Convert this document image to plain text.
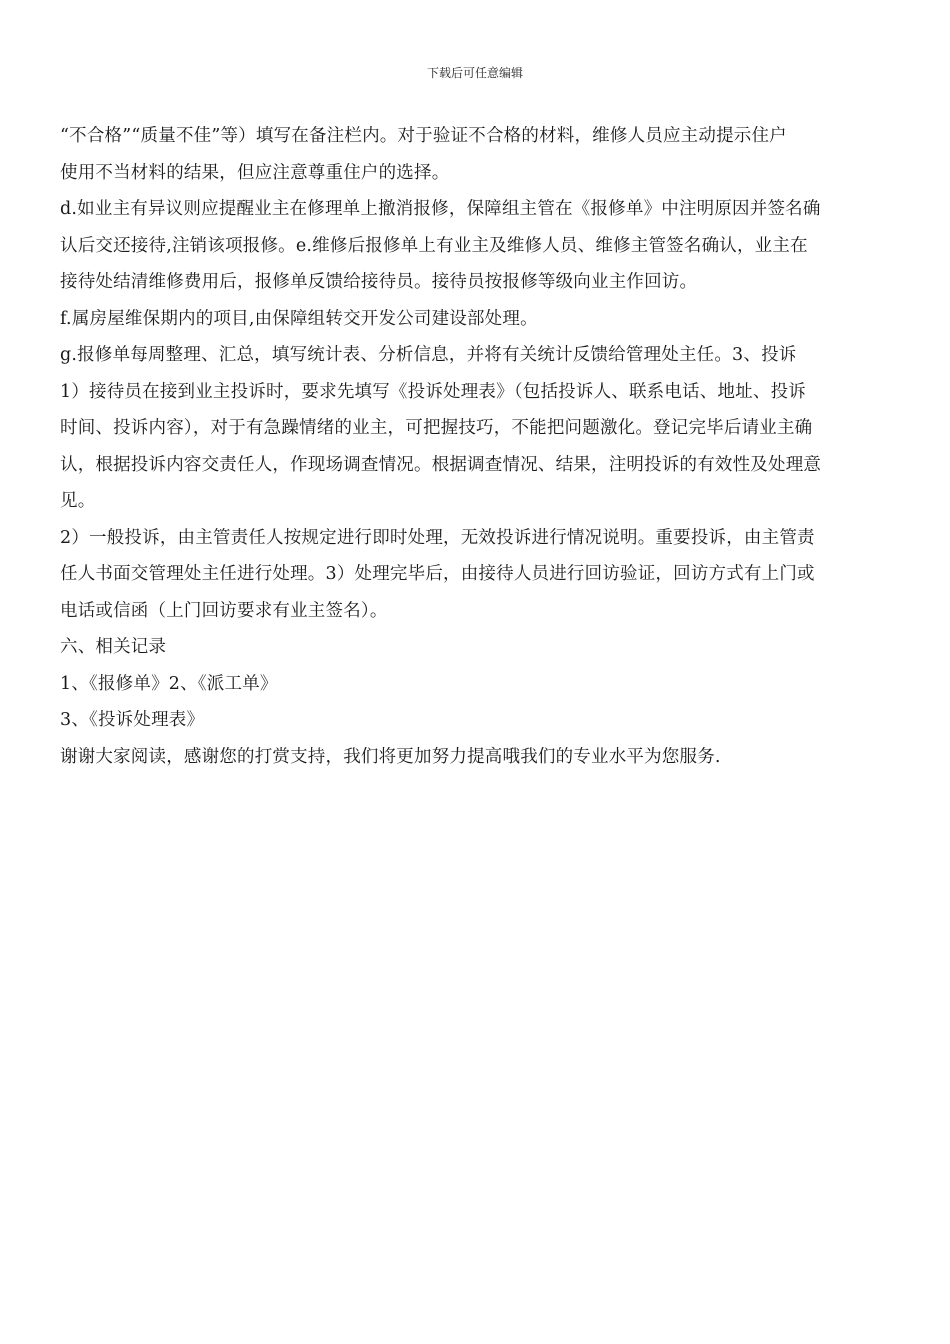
下载后可任意编辑
“不合格”“质量不佳”等）填写在备注栏内。对于验证不合格的材料，维修人员应主动提示住户
使用不当材料的结果，但应注意尊重住户的选择。
d.如业主有异议则应提醒业主在修理单上撤消报修，保障组主管在《报修单》中注明原因并签名确
认后交还接待,注销该项报修。e.维修后报修单上有业主及维修人员、维修主管签名确认，业主在
接待处结清维修费用后，报修单反馈给接待员。接待员按报修等级向业主作回访。
f.属房屋维保期内的项目,由保障组转交开发公司建设部处理。
g.报修单每周整理、汇总，填写统计表、分析信息，并将有关统计反馈给管理处主任。3、投诉
1）接待员在接到业主投诉时，要求先填写《投诉处理表》（包括投诉人、联系电话、地址、投诉
时间、投诉内容），对于有急躁情绪的业主，可把握技巧，不能把问题激化。登记完毕后请业主确
认，根据投诉内容交责任人，作现场调查情况。根据调查情况、结果，注明投诉的有效性及处理意
见。
2）一般投诉，由主管责任人按规定进行即时处理，无效投诉进行情况说明。重要投诉，由主管责
任人书面交管理处主任进行处理。3）处理完毕后，由接待人员进行回访验证，回访方式有上门或
电话或信函（上门回访要求有业主签名）。
六、相关记录
1、《报修单》2、《派工单》
3、《投诉处理表》
谢谢大家阅读，感谢您的打赏支持，我们将更加努力提高哦我们的专业水平为您服务.
